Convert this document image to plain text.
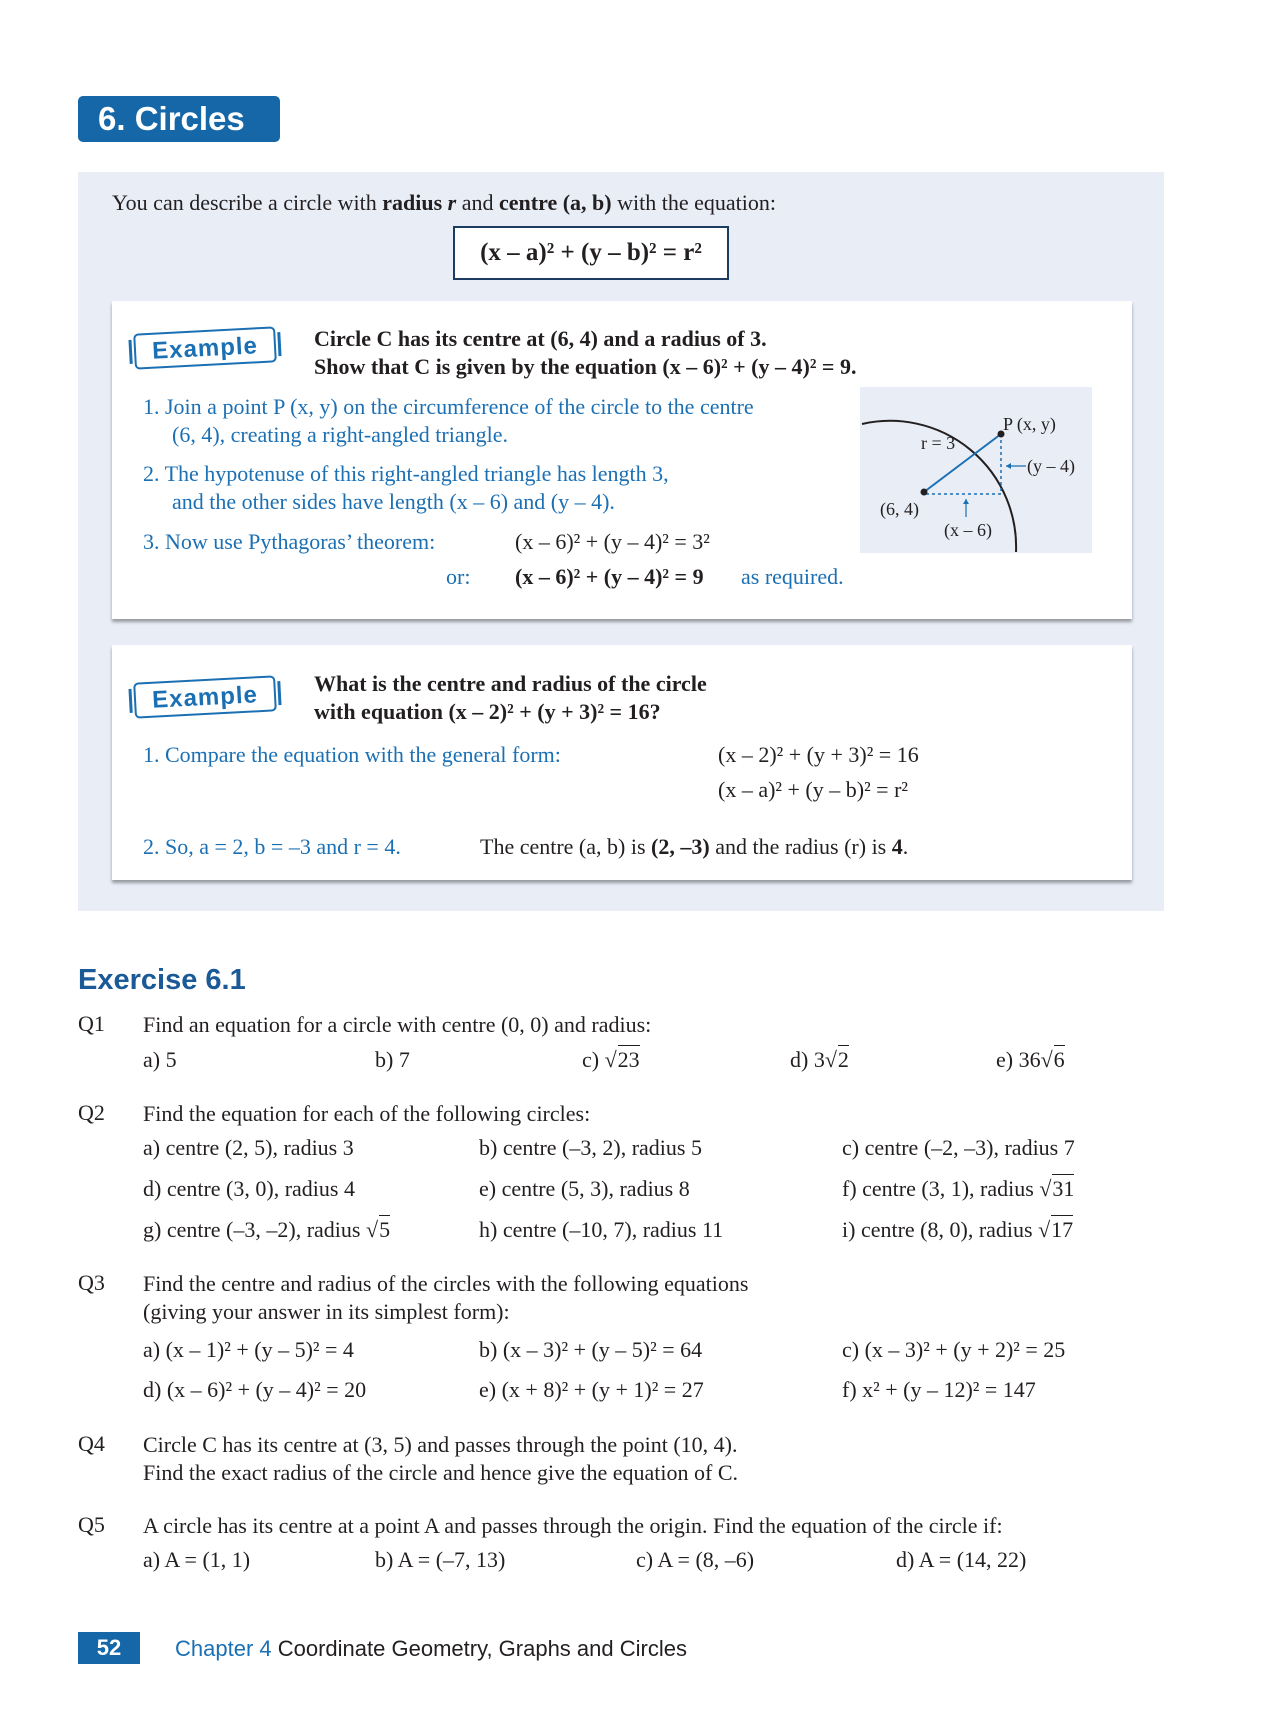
6. Circles
You can describe a circle with radius r and centre (a, b) with the equation:
(x – a)² + (y – b)² = r²
Example	Circle C has its centre at (6, 4) and a radius of 3.
Show that C is given by the equation (x – 6)² + (y – 4)² = 9.
1. Join a point P (x, y) on the circumference of the circle to the centre
(6, 4), creating a right-angled triangle.
2. The hypotenuse of this right-angled triangle has length 3,
and the other sides have length (x – 6) and (y – 4).
3. Now use Pythagoras’ theorem:	(x – 6)² + (y – 4)² = 3²
or: (x – 6)² + (y – 4)² = 9 as required.
P (x, y)
r = 3
(y – 4)
(6, 4)
(x – 6)
Example	What is the centre and radius of the circle
with equation (x – 2)² + (y + 3)² = 16?
1. Compare the equation with the general form:	(x – 2)² + (y + 3)² = 16
(x – a)² + (y – b)² = r²
2. So, a = 2, b = –3 and r = 4.	The centre (a, b) is (2, –3) and the radius (r) is 4.
Exercise 6.1
Q1 Find an equation for a circle with centre (0, 0) and radius:
a) 5	b) 7	c) √23	d) 3√2	e) 36√6
Q2 Find the equation for each of the following circles:
a) centre (2, 5), radius 3	b) centre (–3, 2), radius 5	c) centre (–2, –3), radius 7
d) centre (3, 0), radius 4	e) centre (5, 3), radius 8	f) centre (3, 1), radius √31
g) centre (–3, –2), radius √5	h) centre (–10, 7), radius 11	i) centre (8, 0), radius √17
Q3 Find the centre and radius of the circles with the following equations
(giving your answer in its simplest form):
a) (x – 1)² + (y – 5)² = 4	b) (x – 3)² + (y – 5)² = 64	c) (x – 3)² + (y + 2)² = 25
d) (x – 6)² + (y – 4)² = 20	e) (x + 8)² + (y + 1)² = 27	f) x² + (y – 12)² = 147
Q4 Circle C has its centre at (3, 5) and passes through the point (10, 4).
Find the exact radius of the circle and hence give the equation of C.
Q5 A circle has its centre at a point A and passes through the origin. Find the equation of the circle if:
a) A = (1, 1)	b) A = (–7, 13)	c) A = (8, –6)	d) A = (14, 22)
52	Chapter 4 Coordinate Geometry, Graphs and Circles
